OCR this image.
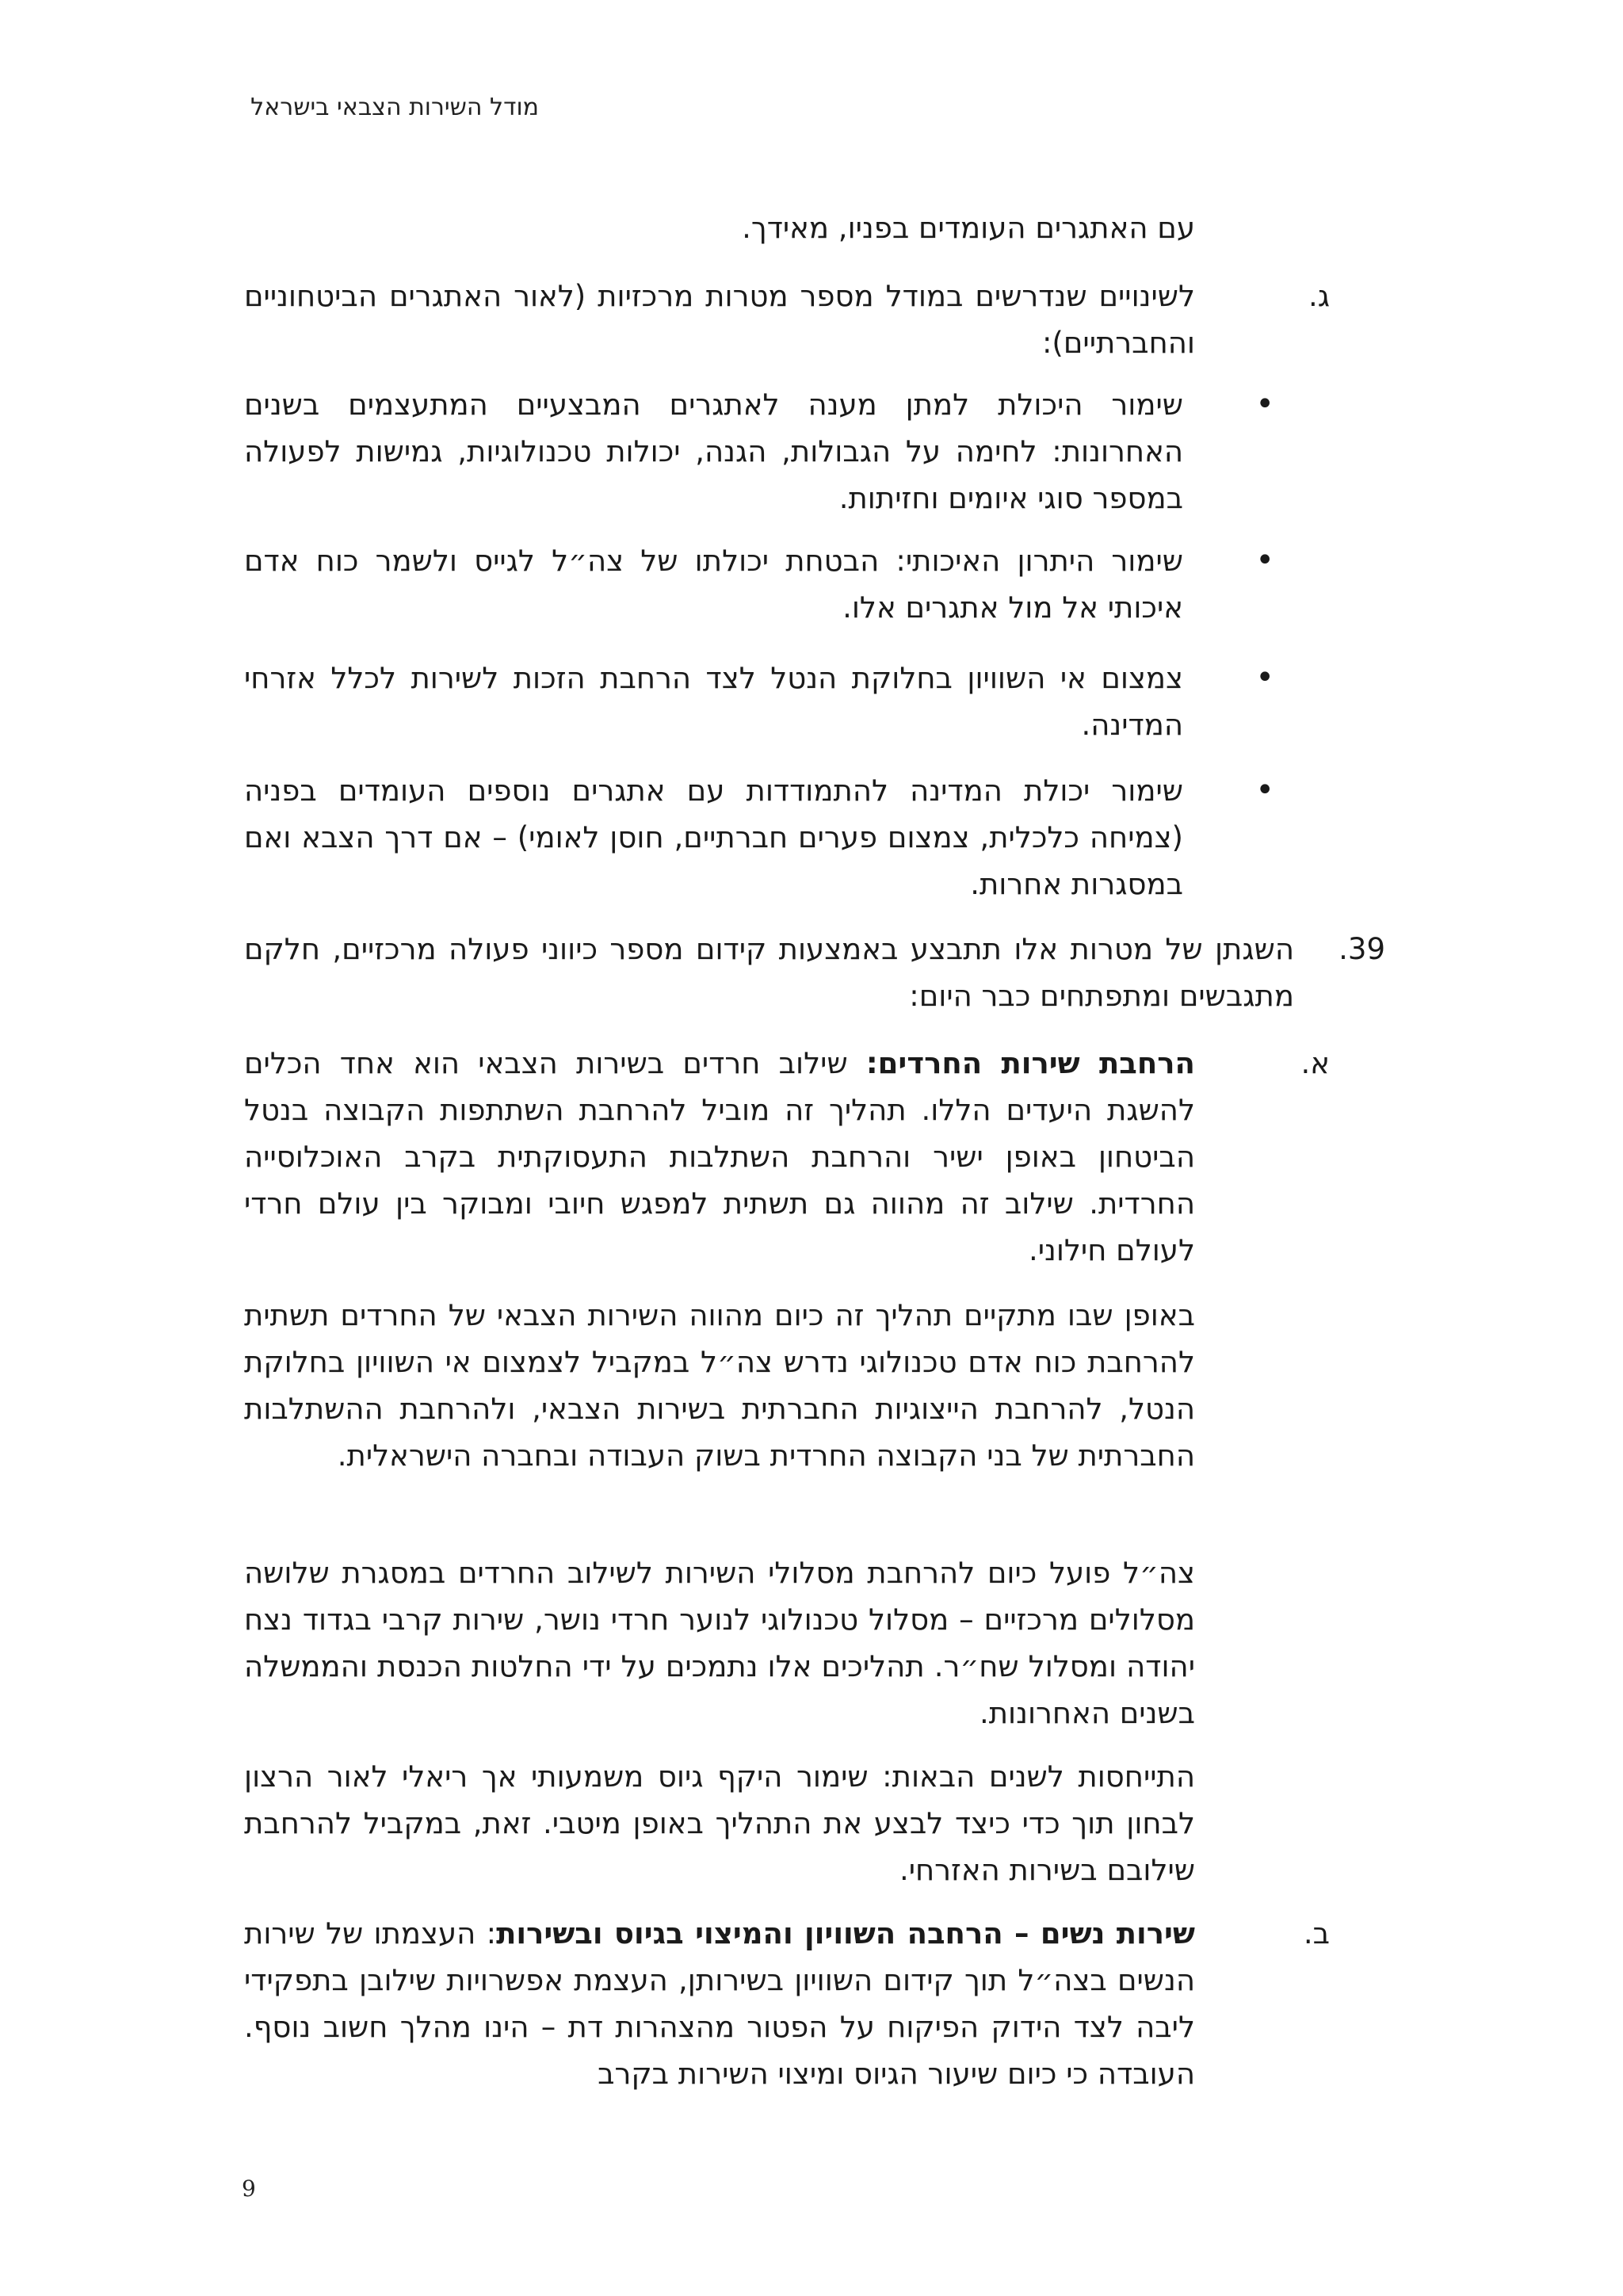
מודל השירות הצבאי בישראל
עם האתגרים העומדים בפניו, מאידך.
ג.
לשינויים שנדרשים במודל מספר מטרות מרכזיות (לאור האתגרים הביטחוניים והחברתיים):
•
שימור היכולת למתן מענה לאתגרים המבצעיים המתעצמים בשנים האחרונות: לחימה על הגבולות, הגנה, יכולות טכנולוגיות, גמישות לפעולה במספר סוגי איומים וחזיתות.
•
שימור היתרון האיכותי: הבטחת יכולתו של צה״ל לגייס ולשמר כוח אדם איכותי אל מול אתגרים אלו.
•
צמצום אי השוויון בחלוקת הנטל לצד הרחבת הזכות לשירות לכלל אזרחי המדינה.
•
שימור יכולת המדינה להתמודדות עם אתגרים נוספים העומדים בפניה (צמיחה כלכלית, צמצום פערים חברתיים, חוסן לאומי) – אם דרך הצבא ואם במסגרות אחרות.
39.
השגתן של מטרות אלו תתבצע באמצעות קידום מספר כיווני פעולה מרכזיים, חלקם מתגבשים ומתפתחים כבר היום:
א.
הרחבת שירות החרדים: שילוב חרדים בשירות הצבאי הוא אחד הכלים להשגת היעדים הללו. תהליך זה מוביל להרחבת השתתפות הקבוצה בנטל הביטחון באופן ישיר והרחבת השתלבות התעסוקתית בקרב האוכלוסייה החרדית. שילוב זה מהווה גם תשתית למפגש חיובי ומבוקר בין עולם חרדי לעולם חילוני.
באופן שבו מתקיים תהליך זה כיום מהווה השירות הצבאי של החרדים תשתית להרחבת כוח אדם טכנולוגי נדרש צה״ל במקביל לצמצום אי השוויון בחלוקת הנטל, להרחבת הייצוגיות החברתית בשירות הצבאי, ולהרחבת ההשתלבות החברתית של בני הקבוצה החרדית בשוק העבודה ובחברה הישראלית.
צה״ל פועל כיום להרחבת מסלולי השירות לשילוב החרדים במסגרת שלושה מסלולים מרכזיים – מסלול טכנולוגי לנוער חרדי נושר, שירות קרבי בגדוד נצח יהודה ומסלול שח״ר. תהליכים אלו נתמכים על ידי החלטות הכנסת והממשלה בשנים האחרונות.
התייחסות לשנים הבאות: שימור היקף גיוס משמעותי אך ריאלי לאור הרצון לבחון תוך כדי כיצד לבצע את התהליך באופן מיטבי. זאת, במקביל להרחבת שילובם בשירות האזרחי.
ב.
שירות נשים – הרחבה השוויון והמיצוי בגיוס ובשירות: העצמתו של שירות הנשים בצה״ל תוך קידום השוויון בשירותן, העצמת אפשרויות שילובן בתפקידי ליבה לצד הידוק הפיקוח על הפטור מהצהרות דת – הינו מהלך חשוב נוסף. העובדה כי כיום שיעור הגיוס ומיצוי השירות בקרב
9
